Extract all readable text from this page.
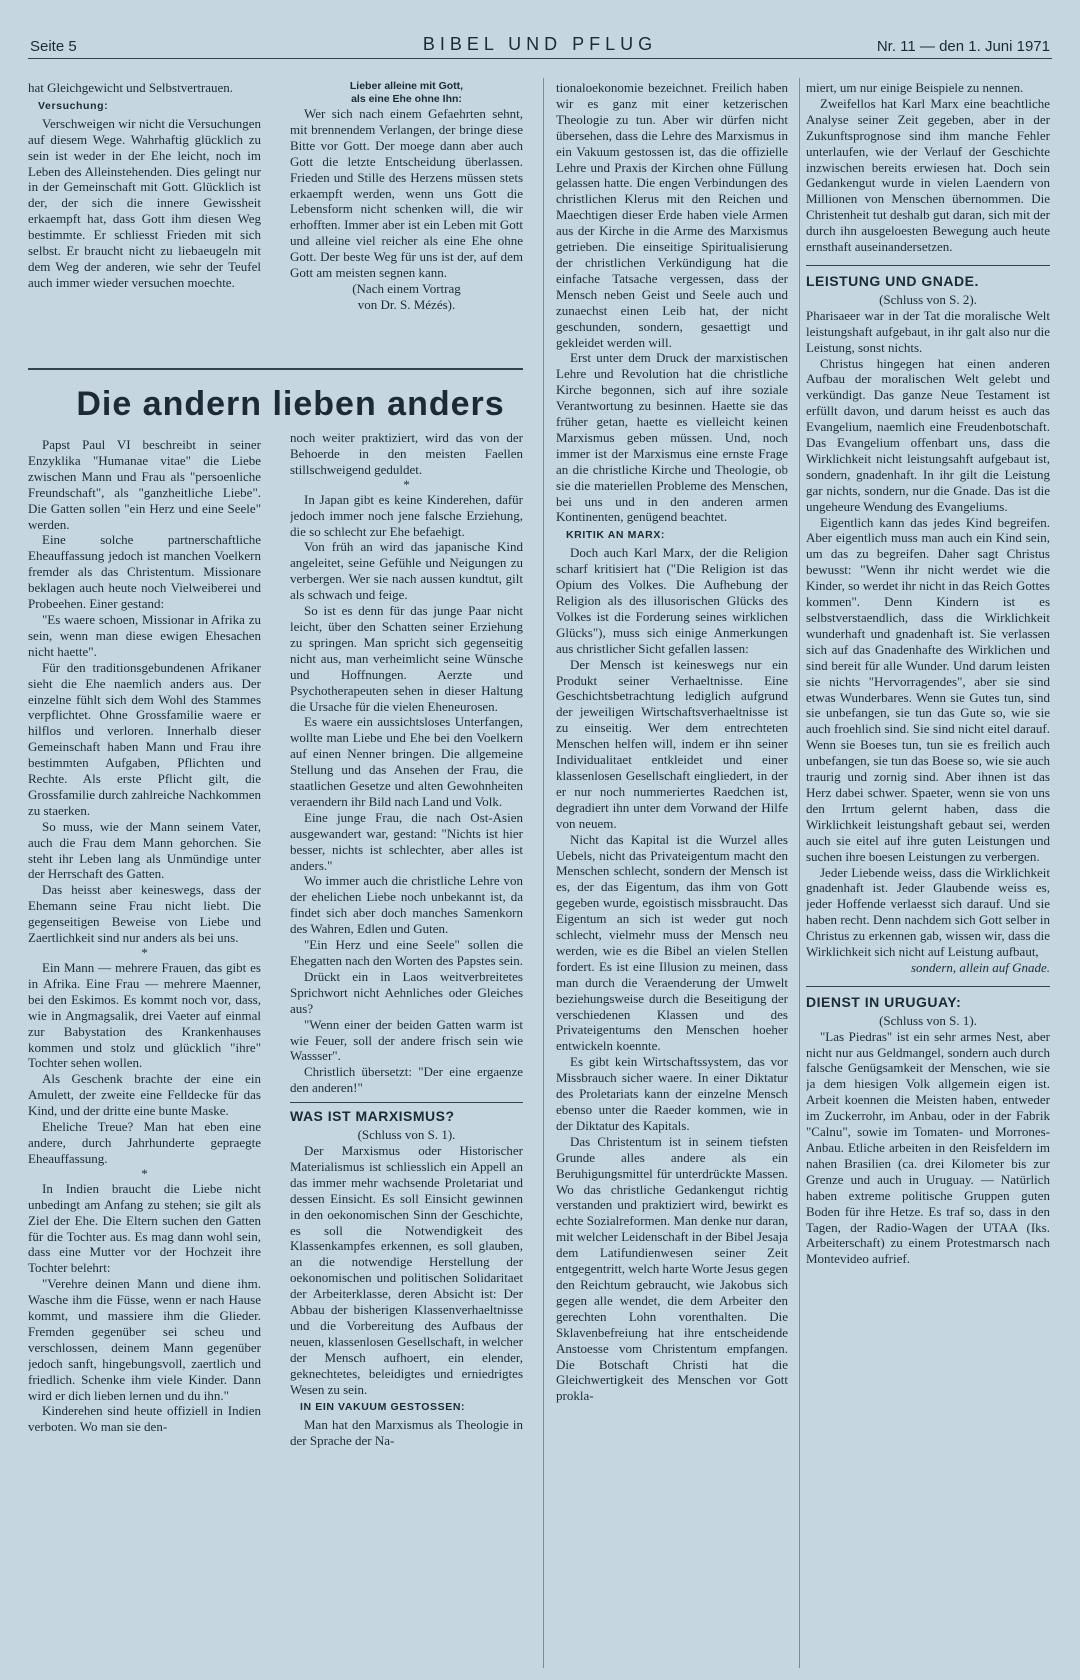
Seite 5	BIBEL UND PFLUG	Nr. 11 — den 1. Juni 1971

hat Gleichgewicht und Selbstvertrauen.

Versuchung:

Verschweigen wir nicht die Versuchungen auf diesem Wege. Wahrhaftig glücklich zu sein ist weder in der Ehe leicht, noch im Leben des Alleinstehenden. Dies gelingt nur in der Gemeinschaft mit Gott. Glücklich ist der, der sich die innere Gewissheit erkaempft hat, dass Gott ihm diesen Weg bestimmte. Er schliesst Frieden mit sich selbst. Er braucht nicht zu liebaeugeln mit dem Weg der anderen, wie sehr der Teufel auch immer wieder versuchen moechte.

Lieber alleine mit Gott,
als eine Ehe ohne Ihn:

Wer sich nach einem Gefaehrten sehnt, mit brennendem Verlangen, der bringe diese Bitte vor Gott. Der moege dann aber auch Gott die letzte Entscheidung überlassen. Frieden und Stille des Herzens müssen stets erkaempft werden, wenn uns Gott die Lebensform nicht schenken will, die wir erhofften. Immer aber ist ein Leben mit Gott und alleine viel reicher als eine Ehe ohne Gott. Der beste Weg für uns ist der, auf dem Gott am meisten segnen kann.

(Nach einem Vortrag

von Dr. S. Mézés).

Die andern lieben anders

Papst Paul VI beschreibt in seiner Enzyklika "Humanae vitae" die Liebe zwischen Mann und Frau als "persoenliche Freundschaft", als "ganzheitliche Liebe". Die Gatten sollen "ein Herz und eine Seele" werden.

Eine solche partnerschaftliche Eheauffassung jedoch ist manchen Voelkern fremder als das Christentum. Missionare beklagen auch heute noch Vielweiberei und Probeehen. Einer gestand:

"Es waere schoen, Missionar in Afrika zu sein, wenn man diese ewigen Ehesachen nicht haette".

Für den traditionsgebundenen Afrikaner sieht die Ehe naemlich anders aus. Der einzelne fühlt sich dem Wohl des Stammes verpflichtet. Ohne Grossfamilie waere er hilflos und verloren. Innerhalb dieser Gemeinschaft haben Mann und Frau ihre bestimmten Aufgaben, Pflichten und Rechte. Als erste Pflicht gilt, die Grossfamilie durch zahlreiche Nachkommen zu staerken.

So muss, wie der Mann seinem Vater, auch die Frau dem Mann gehorchen. Sie steht ihr Leben lang als Unmündige unter der Herrschaft des Gatten.

Das heisst aber keineswegs, dass der Ehemann seine Frau nicht liebt. Die gegenseitigen Beweise von Liebe und Zaertlichkeit sind nur anders als bei uns.

*

Ein Mann — mehrere Frauen, das gibt es in Afrika. Eine Frau — mehrere Maenner, bei den Eskimos. Es kommt noch vor, dass, wie in Angmagsalik, drei Vaeter auf einmal zur Babystation des Krankenhauses kommen und stolz und glücklich "ihre" Tochter sehen wollen.

Als Geschenk brachte der eine ein Amulett, der zweite eine Felldecke für das Kind, und der dritte eine bunte Maske.

Eheliche Treue? Man hat eben eine andere, durch Jahrhunderte gepraegte Eheauffassung.

*

In Indien braucht die Liebe nicht unbedingt am Anfang zu stehen; sie gilt als Ziel der Ehe. Die Eltern suchen den Gatten für die Tochter aus. Es mag dann wohl sein, dass eine Mutter vor der Hochzeit ihre Tochter belehrt:

"Verehre deinen Mann und diene ihm. Wasche ihm die Füsse, wenn er nach Hause kommt, und massiere ihm die Glieder. Fremden gegenüber sei scheu und verschlossen, deinem Mann gegenüber jedoch sanft, hingebungsvoll, zaertlich und friedlich. Schenke ihm viele Kinder. Dann wird er dich lieben lernen und du ihn."

Kinderehen sind heute offiziell in Indien verboten. Wo man sie den-

noch weiter praktiziert, wird das von der Behoerde in den meisten Faellen stillschweigend geduldet.

*

In Japan gibt es keine Kinderehen, dafür jedoch immer noch jene falsche Erziehung, die so schlecht zur Ehe befaehigt.

Von früh an wird das japanische Kind angeleitet, seine Gefühle und Neigungen zu verbergen. Wer sie nach aussen kundtut, gilt als schwach und feige.

So ist es denn für das junge Paar nicht leicht, über den Schatten seiner Erziehung zu springen. Man spricht sich gegenseitig nicht aus, man verheimlicht seine Wünsche und Hoffnungen. Aerzte und Psychotherapeuten sehen in dieser Haltung die Ursache für die vielen Eheneurosen.

Es waere ein aussichtsloses Unterfangen, wollte man Liebe und Ehe bei den Voelkern auf einen Nenner bringen. Die allgemeine Stellung und das Ansehen der Frau, die staatlichen Gesetze und alten Gewohnheiten veraendern ihr Bild nach Land und Volk.

Eine junge Frau, die nach Ost-Asien ausgewandert war, gestand: "Nichts ist hier besser, nichts ist schlechter, aber alles ist anders."

Wo immer auch die christliche Lehre von der ehelichen Liebe noch unbekannt ist, da findet sich aber doch manches Samenkorn des Wahren, Edlen und Guten.

"Ein Herz und eine Seele" sollen die Ehegatten nach den Worten des Papstes sein.

Drückt ein in Laos weitverbreitetes Sprichwort nicht Aehnliches oder Gleiches aus?

"Wenn einer der beiden Gatten warm ist wie Feuer, soll der andere frisch sein wie Wassser".

Christlich übersetzt: "Der eine ergaenze den anderen!"

WAS IST MARXISMUS?

(Schluss von S. 1).

Der Marxismus oder Historischer Materialismus ist schliesslich ein Appell an das immer mehr wachsende Proletariat und dessen Einsicht. Es soll Einsicht gewinnen in den oekonomischen Sinn der Geschichte, es soll die Notwendigkeit des Klassenkampfes erkennen, es soll glauben, an die notwendige Herstellung der oekonomischen und politischen Solidaritaet der Arbeiterklasse, deren Absicht ist: Der Abbau der bisherigen Klassenverhaeltnisse und die Vorbereitung des Aufbaus der neuen, klassenlosen Gesellschaft, in welcher der Mensch aufhoert, ein elender, geknechtetes, beleidigtes und erniedrigtes Wesen zu sein.

IN EIN VAKUUM GESTOSSEN:

Man hat den Marxismus als Theologie in der Sprache der Na-

tionaloekonomie bezeichnet. Freilich haben wir es ganz mit einer ketzerischen Theologie zu tun. Aber wir dürfen nicht übersehen, dass die Lehre des Marxismus in ein Vakuum gestossen ist, das die offizielle Lehre und Praxis der Kirchen ohne Füllung gelassen hatte. Die engen Verbindungen des christlichen Klerus mit den Reichen und Maechtigen dieser Erde haben viele Armen aus der Kirche in die Arme des Marxismus getrieben. Die einseitige Spiritualisierung der christlichen Verkündigung hat die einfache Tatsache vergessen, dass der Mensch neben Geist und Seele auch und zunaechst einen Leib hat, der nicht geschunden, sondern, gesaettigt und gekleidet werden will.

Erst unter dem Druck der marxistischen Lehre und Revolution hat die christliche Kirche begonnen, sich auf ihre soziale Verantwortung zu besinnen. Haette sie das früher getan, haette es vielleicht keinen Marxismus geben müssen. Und, noch immer ist der Marxismus eine ernste Frage an die christliche Kirche und Theologie, ob sie die materiellen Probleme des Menschen, bei uns und in den anderen armen Kontinenten, genügend beachtet.

KRITIK AN MARX:

Doch auch Karl Marx, der die Religion scharf kritisiert hat ("Die Religion ist das Opium des Volkes. Die Aufhebung der Religion als des illusorischen Glücks des Volkes ist die Forderung seines wirklichen Glücks"), muss sich einige Anmerkungen aus christlicher Sicht gefallen lassen:

Der Mensch ist keineswegs nur ein Produkt seiner Verhaeltnisse. Eine Geschichtsbetrachtung lediglich aufgrund der jeweiligen Wirtschaftsverhaeltnisse ist zu einseitig. Wer dem entrechteten Menschen helfen will, indem er ihn seiner Individualitaet entkleidet und einer klassenlosen Gesellschaft eingliedert, in der er nur noch nummeriertes Raedchen ist, degradiert ihn unter dem Vorwand der Hilfe von neuem.

Nicht das Kapital ist die Wurzel alles Uebels, nicht das Privateigentum macht den Menschen schlecht, sondern der Mensch ist es, der das Eigentum, das ihm von Gott gegeben wurde, egoistisch missbraucht. Das Eigentum an sich ist weder gut noch schlecht, vielmehr muss der Mensch neu werden, wie es die Bibel an vielen Stellen fordert. Es ist eine Illusion zu meinen, dass man durch die Veraenderung der Umwelt beziehungsweise durch die Beseitigung der verschiedenen Klassen und des Privateigentums den Menschen hoeher entwickeln koennte.

Es gibt kein Wirtschaftssystem, das vor Missbrauch sicher waere. In einer Diktatur des Proletariats kann der einzelne Mensch ebenso unter die Raeder kommen, wie in der Diktatur des Kapitals.

Das Christentum ist in seinem tiefsten Grunde alles andere als ein Beruhigungsmittel für unterdrückte Massen. Wo das christliche Gedankengut richtig verstanden und praktiziert wird, bewirkt es echte Sozialreformen. Man denke nur daran, mit welcher Leidenschaft in der Bibel Jesaja dem Latifundienwesen seiner Zeit entgegentritt, welch harte Worte Jesus gegen den Reichtum gebraucht, wie Jakobus sich gegen alle wendet, die dem Arbeiter den gerechten Lohn vorenthalten. Die Sklavenbefreiung hat ihre entscheidende Anstoesse vom Christentum empfangen. Die Botschaft Christi hat die Gleichwertigkeit des Menschen vor Gott prokla-

miert, um nur einige Beispiele zu nennen.

Zweifellos hat Karl Marx eine beachtliche Analyse seiner Zeit gegeben, aber in der Zukunftsprognose sind ihm manche Fehler unterlaufen, wie der Verlauf der Geschichte inzwischen bereits erwiesen hat. Doch sein Gedankengut wurde in vielen Laendern von Millionen von Menschen übernommen. Die Christenheit tut deshalb gut daran, sich mit der durch ihn ausgeloesten Bewegung auch heute ernsthaft auseinandersetzen.

LEISTUNG UND GNADE.

(Schluss von S. 2).

Pharisaeer war in der Tat die moralische Welt leistungshaft aufgebaut, in ihr galt also nur die Leistung, sonst nichts.

Christus hingegen hat einen anderen Aufbau der moralischen Welt gelebt und verkündigt. Das ganze Neue Testament ist erfüllt davon, und darum heisst es auch das Evangelium, naemlich eine Freudenbotschaft. Das Evangelium offenbart uns, dass die Wirklichkeit nicht leistungsahft aufgebaut ist, sondern, gnadenhaft. In ihr gilt die Leistung gar nichts, sondern, nur die Gnade. Das ist die ungeheure Wendung des Evangeliums.

Eigentlich kann das jedes Kind begreifen. Aber eigentlich muss man auch ein Kind sein, um das zu begreifen. Daher sagt Christus bewusst: "Wenn ihr nicht werdet wie die Kinder, so werdet ihr nicht in das Reich Gottes kommen". Denn Kindern ist es selbstverstaendlich, dass die Wirklichkeit wunderhaft und gnadenhaft ist. Sie verlassen sich auf das Gnadenhafte des Wirklichen und sind bereit für alle Wunder. Und darum leisten sie nichts "Hervorragendes", aber sie sind etwas Wunderbares. Wenn sie Gutes tun, sind sie unbefangen, sie tun das Gute so, wie sie auch froehlich sind. Sie sind nicht eitel darauf. Wenn sie Boeses tun, tun sie es freilich auch unbefangen, sie tun das Boese so, wie sie auch traurig und zornig sind. Aber ihnen ist das Herz dabei schwer. Spaeter, wenn sie von uns den Irrtum gelernt haben, dass die Wirklichkeit leistungshaft gebaut sei, werden auch sie eitel auf ihre guten Leistungen und suchen ihre boesen Leistungen zu verbergen.

Jeder Liebende weiss, dass die Wirklichkeit gnadenhaft ist. Jeder Glaubende weiss es, jeder Hoffende verlaesst sich darauf. Und sie haben recht. Denn nachdem sich Gott selber in Christus zu erkennen gab, wissen wir, dass die Wirklichkeit sich nicht auf Leistung aufbaut,

sondern, allein auf Gnade.

DIENST IN URUGUAY:

(Schluss von S. 1).

"Las Piedras" ist ein sehr armes Nest, aber nicht nur aus Geldmangel, sondern auch durch falsche Genügsamkeit der Menschen, wie sie ja dem hiesigen Volk allgemein eigen ist. Arbeit koennen die Meisten haben, entweder im Zuckerrohr, im Anbau, oder in der Fabrik "Calnu", sowie im Tomaten- und Morrones-Anbau. Etliche arbeiten in den Reisfeldern im nahen Brasilien (ca. drei Kilometer bis zur Grenze und auch in Uruguay. — Natürlich haben extreme politische Gruppen guten Boden für ihre Hetze. Es traf so, dass in den Tagen, der Radio-Wagen der UTAA (Iks. Arbeiterschaft) zu einem Protestmarsch nach Montevideo aufrief.
